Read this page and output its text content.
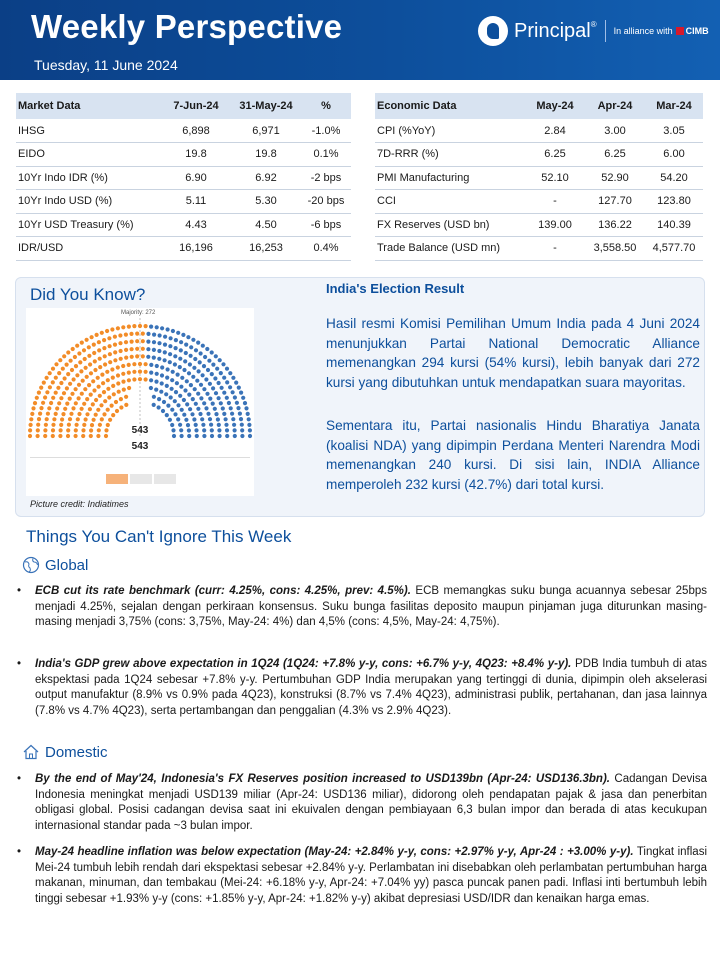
Weekly Perspective
Tuesday, 11 June 2024
Principal®
In alliance with CIMB
Market Data	7-Jun-24	31-May-24	%
IHSG	6,898	6,971	-1.0%
EIDO	19.8	19.8	0.1%
10Yr Indo IDR (%)	6.90	6.92	-2 bps
10Yr Indo USD (%)	5.11	5.30	-20 bps
10Yr USD Treasury (%)	4.43	4.50	-6 bps
IDR/USD	16,196	16,253	0.4%
Economic Data	May-24	Apr-24	Mar-24
CPI (%YoY)	2.84	3.00	3.05
7D-RRR (%)	6.25	6.25	6.00
PMI Manufacturing	52.10	52.90	54.20
CCI	-	127.70	123.80
FX Reserves (USD bn)	139.00	136.22	140.39
Trade Balance (USD mn)	-	3,558.50	4,577.70
Did You Know?
Majority: 272
543
543
Picture credit: Indiatimes
India's Election Result
Hasil resmi Komisi Pemilihan Umum India pada 4 Juni 2024 menunjukkan Partai National Democratic Alliance memenangkan 294 kursi (54% kursi), lebih banyak dari 272 kursi yang dibutuhkan untuk mendapatkan suara mayoritas.
Sementara itu, Partai nasionalis Hindu Bharatiya Janata (koalisi NDA) yang dipimpin Perdana Menteri Narendra Modi memenangkan 240 kursi. Di sisi lain, INDIA Alliance memperoleh 232 kursi (42.7%) dari total kursi.
Things You Can't Ignore This Week
Global
• ECB cut its rate benchmark (curr: 4.25%, cons: 4.25%, prev: 4.5%). ECB memangkas suku bunga acuannya sebesar 25bps menjadi 4.25%, sejalan dengan perkiraan konsensus. Suku bunga fasilitas deposito maupun pinjaman juga diturunkan masing-masing menjadi 3,75% (cons: 3,75%, May-24: 4%) dan 4,5% (cons: 4,5%, May-24: 4,75%).
• India's GDP grew above expectation in 1Q24 (1Q24: +7.8% y-y, cons: +6.7% y-y, 4Q23: +8.4% y-y). PDB India tumbuh di atas ekspektasi pada 1Q24 sebesar +7.8% y-y. Pertumbuhan GDP India merupakan yang tertinggi di dunia, dipimpin oleh akselerasi output manufaktur (8.9% vs 0.9% pada 4Q23), konstruksi (8.7% vs 7.4% 4Q23), administrasi publik, pertahanan, dan jasa lainnya (7.8% vs 4.7% 4Q23), serta pertambangan dan penggalian (4.3% vs 2.9% 4Q23).
Domestic
• By the end of May'24, Indonesia's FX Reserves position increased to USD139bn (Apr-24: USD136.3bn). Cadangan Devisa Indonesia meningkat menjadi USD139 miliar (Apr-24: USD136 miliar), didorong oleh pendapatan pajak & jasa dan penerbitan obligasi global. Posisi cadangan devisa saat ini ekuivalen dengan pembiayaan 6,3 bulan impor dan berada di atas kecukupan internasional standar pada ~3 bulan impor.
• May-24 headline inflation was below expectation (May-24: +2.84% y-y, cons: +2.97% y-y, Apr-24 : +3.00% y-y). Tingkat inflasi Mei-24 tumbuh lebih rendah dari ekspektasi sebesar +2.84% y-y. Perlambatan ini disebabkan oleh perlambatan pertumbuhan harga makanan, minuman, dan tembakau (Mei-24: +6.18% y-y, Apr-24: +7.04% yy) pasca puncak panen padi. Inflasi inti bertumbuh lebih tinggi sebesar +1.93% y-y (cons: +1.85% y-y, Apr-24: +1.82% y-y) akibat depresiasi USD/IDR dan kenaikan harga emas.
